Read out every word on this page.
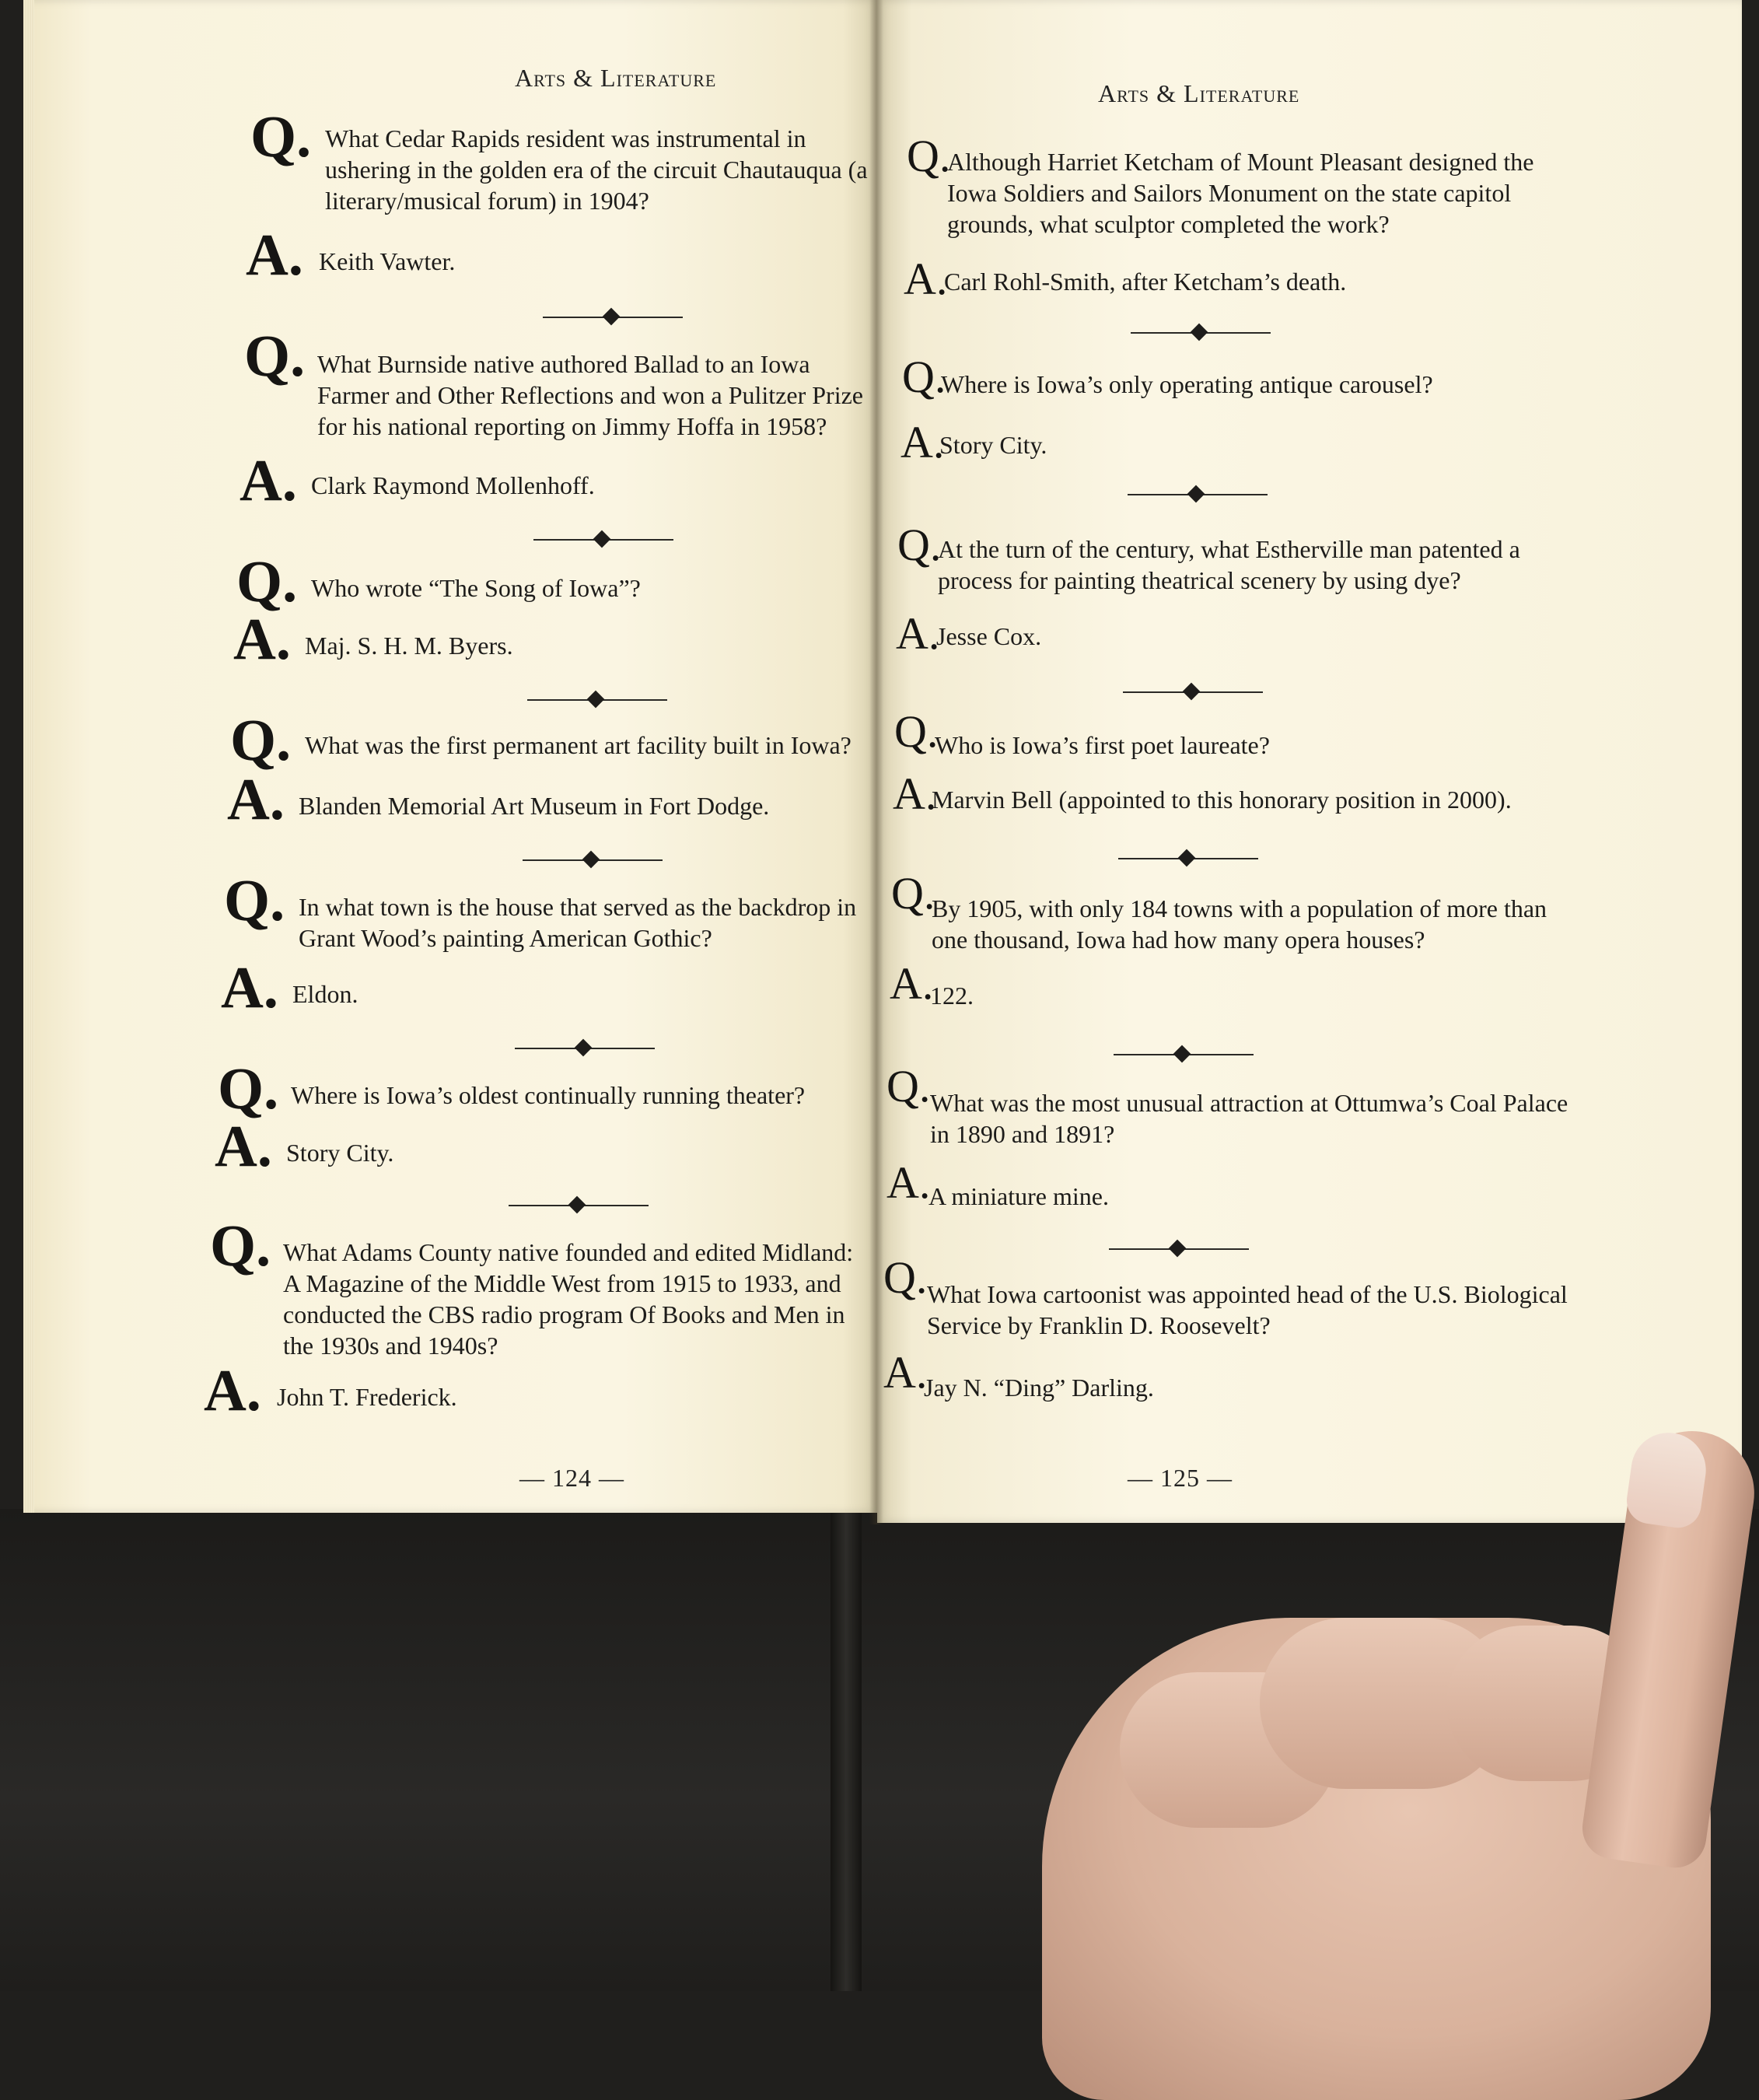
Arts & Literature
Arts & Literature
Q. What Cedar Rapids resident was instrumental in ushering in the golden era of the circuit Chautauqua (a literary/musical forum) in 1904?
A. Keith Vawter.
Q. What Burnside native authored Ballad to an Iowa Farmer and Other Reflections and won a Pulitzer Prize for his national reporting on Jimmy Hoffa in 1958?
A. Clark Raymond Mollenhoff.
Q. Who wrote “The Song of Iowa”?
A. Maj. S. H. M. Byers.
Q. What was the first permanent art facility built in Iowa?
A. Blanden Memorial Art Museum in Fort Dodge.
Q. In what town is the house that served as the backdrop in Grant Wood’s painting American Gothic?
A. Eldon.
Q. Where is Iowa’s oldest continually running theater?
A. Story City.
Q. What Adams County native founded and edited Midland: A Magazine of the Middle West from 1915 to 1933, and conducted the CBS radio program Of Books and Men in the 1930s and 1940s?
A. John T. Frederick.
Q.
Although Harriet Ketcham of Mount Pleasant designed the Iowa Soldiers and Sailors Monument on the state capitol grounds, what sculptor completed the work?
A.
Carl Rohl-Smith, after Ketcham’s death.
Q.
Where is Iowa’s only operating antique carousel?
A.
Story City.
Q.
At the turn of the century, what Estherville man patented a process for painting theatrical scenery by using dye?
A.
Jesse Cox.
Q.
Who is Iowa’s first poet laureate?
A.
Marvin Bell (appointed to this honorary position in 2000).
Q.
By 1905, with only 184 towns with a population of more than one thousand, Iowa had how many opera houses?
A.
122.
Q. What was the most unusual attraction at Ottumwa’s Coal Palace in 1890 and 1891?
A.
A miniature mine.
Q. What Iowa cartoonist was appointed head of the U.S. Biological Service by Franklin D. Roosevelt?
A.
Jay N. “Ding” Darling.
— 124 —	— 125 —
